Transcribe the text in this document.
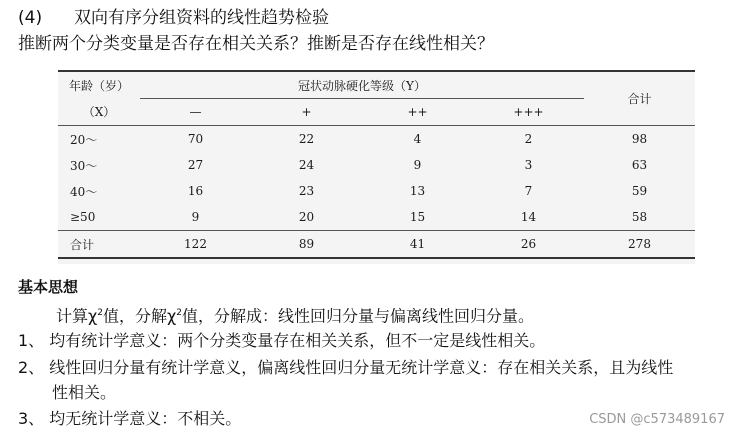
(4) 双向有序分组资料的线性趋势检验
推断两个分类变量是否存在相关关系？推断是否存在线性相关？

年龄（岁）	冠状动脉硬化等级（Y）				合计
（X）	—	+	++	+++	
20～	70	22	4	2	98
30～	27	24	9	3	63
40～	16	23	13	7	59
≥50	9	20	15	14	58
合计	122	89	41	26	278
基本思想
计算$\chi^2$值，分解$\chi^2$值，分解成：线性回归分量与偏离线性回归分量。
1、 均有统计学意义：两个分类变量存在相关关系，但不一定是线性相关。
2、 线性回归分量有统计学意义，偏离线性回归分量无统计学意义：存在相关关系，且为线性
性相关。
3、 均无统计学意义：不相关。	CSDN @c573489167
